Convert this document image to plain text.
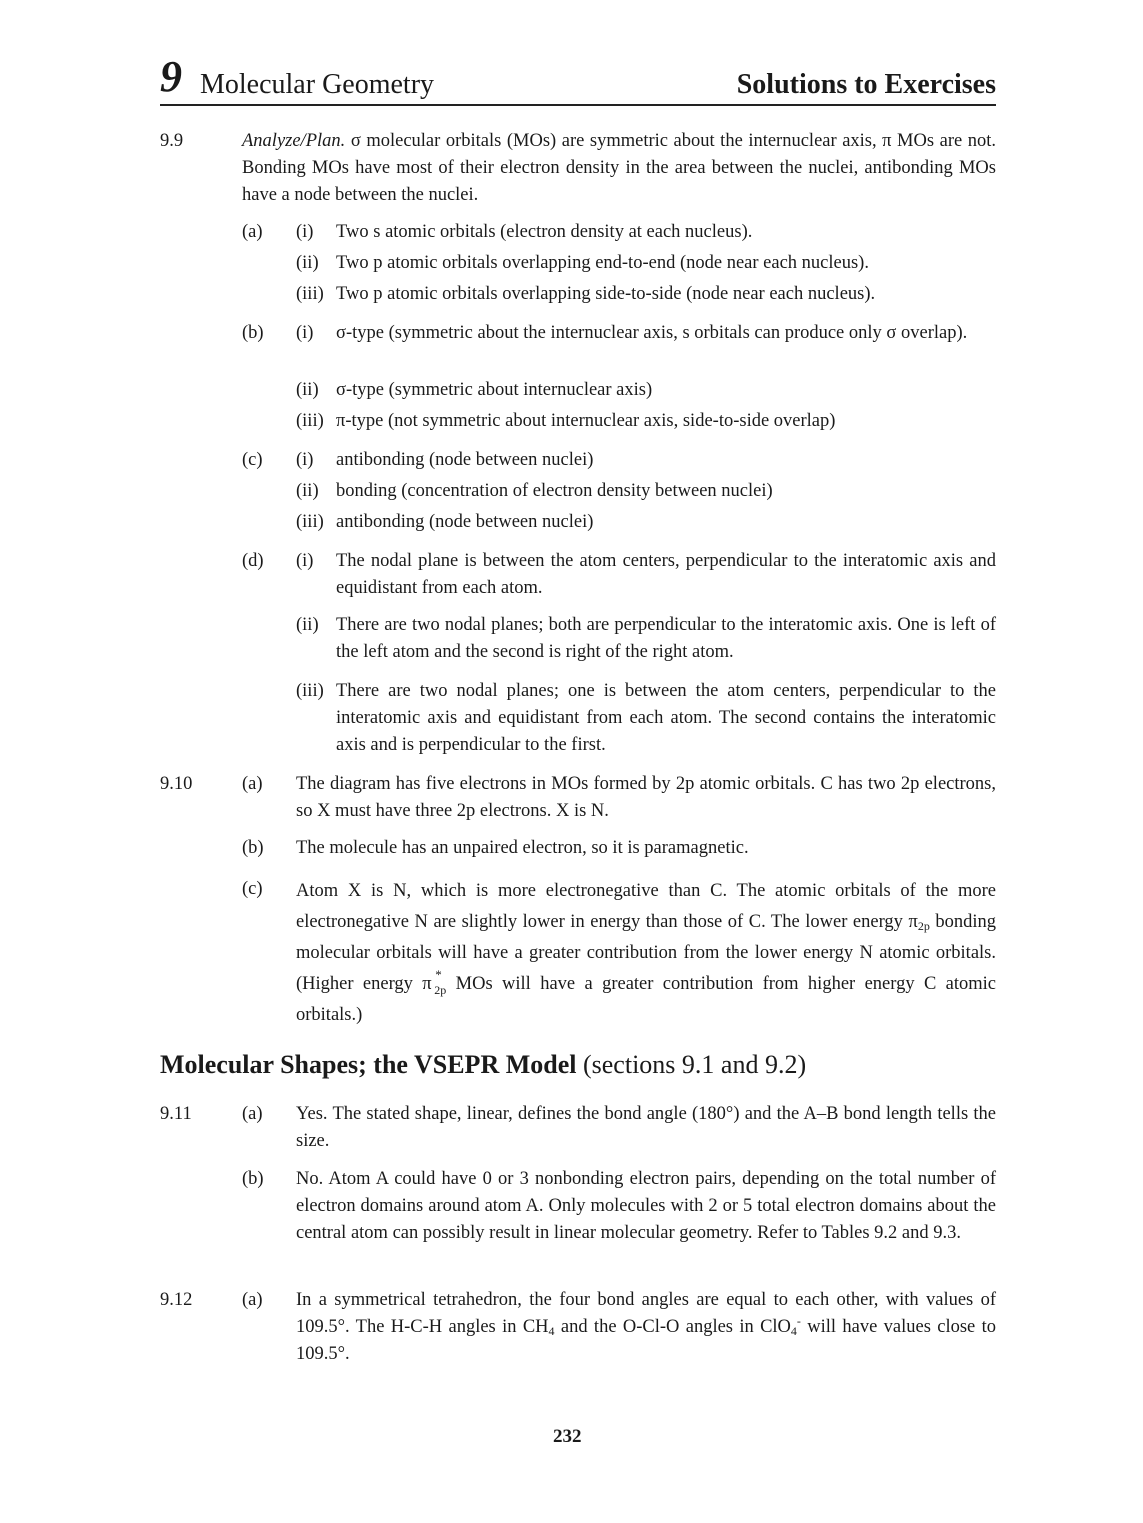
9 Molecular Geometry	Solutions to Exercises
9.9	Analyze/Plan. σ molecular orbitals (MOs) are symmetric about the internuclear axis, π MOs are not. Bonding MOs have most of their electron density in the area between the nuclei, antibonding MOs have a node between the nuclei.
(a) (i) Two s atomic orbitals (electron density at each nucleus).
(ii) Two p atomic orbitals overlapping end-to-end (node near each nucleus).
(iii) Two p atomic orbitals overlapping side-to-side (node near each nucleus).
(b) (i) σ-type (symmetric about the internuclear axis, s orbitals can produce only σ overlap).
(ii) σ-type (symmetric about internuclear axis)
(iii) π-type (not symmetric about internuclear axis, side-to-side overlap)
(c) (i) antibonding (node between nuclei)
(ii) bonding (concentration of electron density between nuclei)
(iii) antibonding (node between nuclei)
(d) (i) The nodal plane is between the atom centers, perpendicular to the interatomic axis and equidistant from each atom.
(ii) There are two nodal planes; both are perpendicular to the interatomic axis. One is left of the left atom and the second is right of the right atom.
(iii) There are two nodal planes; one is between the atom centers, perpendicular to the interatomic axis and equidistant from each atom. The second contains the interatomic axis and is perpendicular to the first.
9.10	(a) The diagram has five electrons in MOs formed by 2p atomic orbitals. C has two 2p electrons, so X must have three 2p electrons. X is N.
(b) The molecule has an unpaired electron, so it is paramagnetic.
(c) Atom X is N, which is more electronegative than C. The atomic orbitals of the more electronegative N are slightly lower in energy than those of C. The lower energy $\pi_{2p}$ bonding molecular orbitals will have a greater contribution from the lower energy N atomic orbitals. (Higher energy π *
2p MOs will have a greater contribution from higher energy C atomic orbitals.)
Molecular Shapes; the VSEPR Model (sections 9.1 and 9.2)
9.11	(a) Yes. The stated shape, linear, defines the bond angle (180°) and the A–B bond length tells the size.
(b) No. Atom A could have 0 or 3 nonbonding electron pairs, depending on the total number of electron domains around atom A. Only molecules with 2 or 5 total electron domains about the central atom can possibly result in linear molecular geometry. Refer to Tables 9.2 and 9.3.
9.12	(a) In a symmetrical tetrahedron, the four bond angles are equal to each other, with values of 109.5°. The H-C-H angles in $CH_4$ and the O-Cl-O angles in ClO$_4$- will have values close to 109.5°.
232
